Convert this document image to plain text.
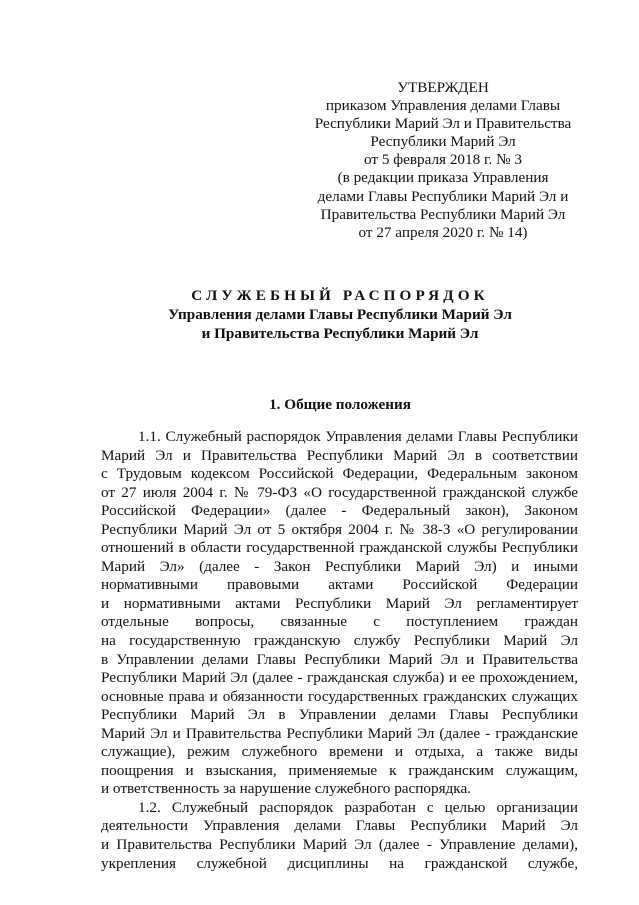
УТВЕРЖДЕН
приказом Управления делами Главы
Республики Марий Эл и Правительства
Республики Марий Эл
от 5 февраля 2018 г. № 3
(в редакции приказа Управления
делами Главы Республики Марий Эл и
Правительства Республики Марий Эл
от 27 апреля 2020 г. № 14)
СЛУЖЕБНЫЙ РАСПОРЯДОК
Управления делами Главы Республики Марий Эл
и Правительства Республики Марий Эл
1. Общие положения
1.1. Служебный распорядок Управления делами Главы Республики
Марий Эл и Правительства Республики Марий Эл в соответствии
с Трудовым кодексом Российской Федерации, Федеральным законом
от 27 июля 2004 г. № 79-ФЗ «О государственной гражданской службе
Российской Федерации» (далее - Федеральный закон), Законом
Республики Марий Эл от 5 октября 2004 г. № 38-З «О регулировании
отношений в области государственной гражданской службы Республики
Марий Эл» (далее - Закон Республики Марий Эл) и иными
нормативными правовыми актами Российской Федерации
и нормативными актами Республики Марий Эл регламентирует
отдельные вопросы, связанные с поступлением граждан
на государственную гражданскую службу Республики Марий Эл
в Управлении делами Главы Республики Марий Эл и Правительства
Республики Марий Эл (далее - гражданская служба) и ее прохождением,
основные права и обязанности государственных гражданских служащих
Республики Марий Эл в Управлении делами Главы Республики
Марий Эл и Правительства Республики Марий Эл (далее - гражданские
служащие), режим служебного времени и отдыха, а также виды
поощрения и взыскания, применяемые к гражданским служащим,
и ответственность за нарушение служебного распорядка.
1.2. Служебный распорядок разработан с целью организации
деятельности Управления делами Главы Республики Марий Эл
и Правительства Республики Марий Эл (далее - Управление делами),
укрепления служебной дисциплины на гражданской службе,
